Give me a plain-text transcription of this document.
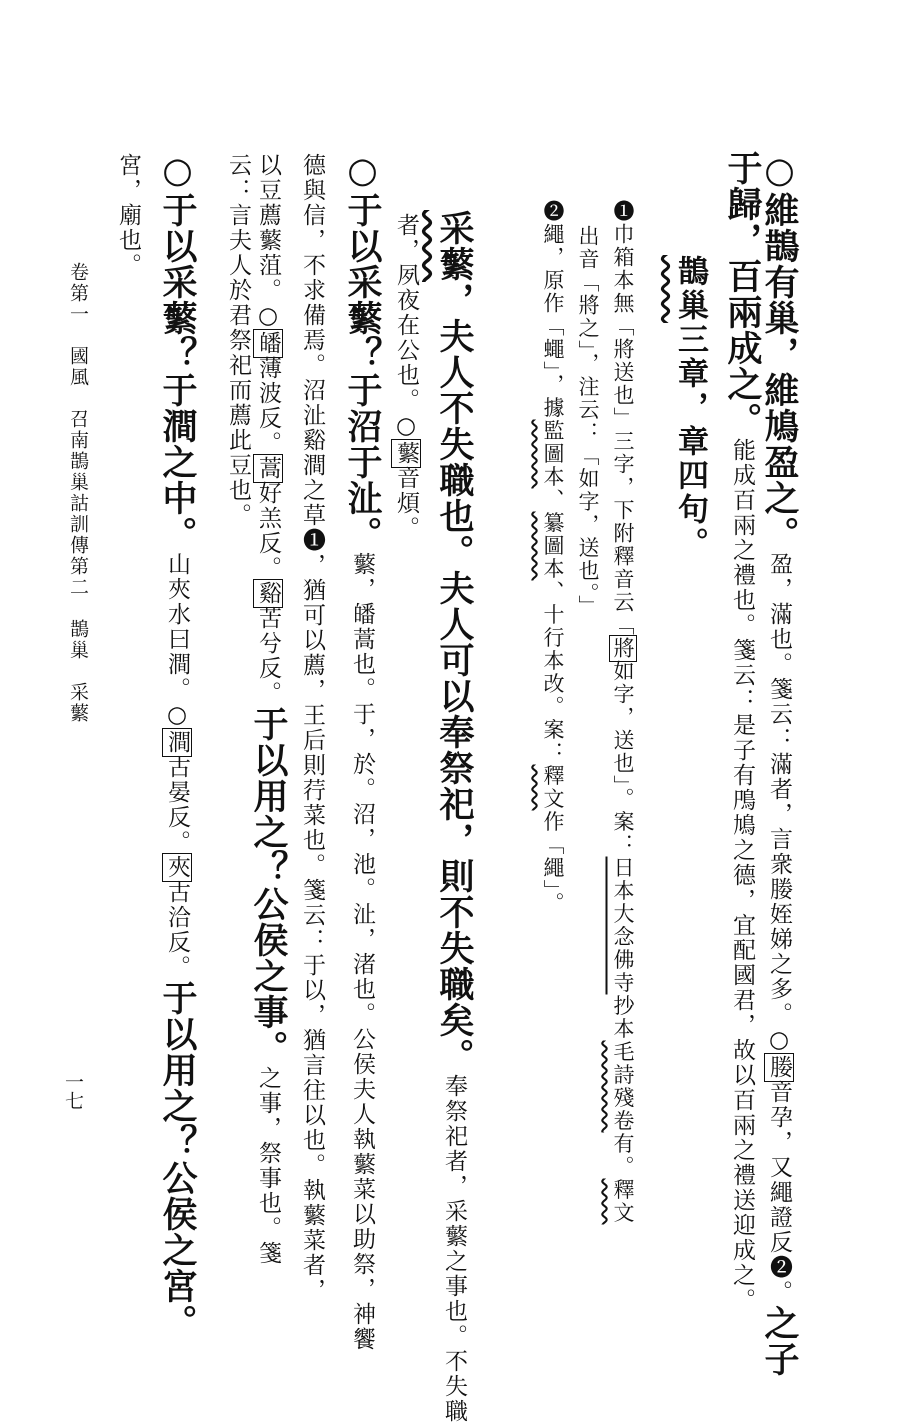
○維鵲有巢，維鳩盈之。盈，滿也。箋云：滿者，言衆媵姪娣之多。○媵音孕，又繩證反❷。之子
于歸，百兩成之。能成百兩之禮也。箋云：是子有鳲鳩之德，宜配國君，故以百兩之禮送迎成之。
鵲巢三章，章四句。
❶巾箱本無「將送也」三字，下附釋音云「將如字，送也」。案：日本大念佛寺抄本毛詩殘卷有。釋文
出音「將之」，注云：「如字，送也。」
❷繩，原作「蠅」，據監圖本、纂圖本、十行本改。案：釋文作「繩」。
采蘩，夫人不失職也。夫人可以奉祭祀，則不失職矣。奉祭祀者，采蘩之事也。不失職
者，夙夜在公也。○蘩音煩。
○于以采蘩？于沼于沚。蘩，皤蒿也。于，於。沼，池。沚，渚也。公侯夫人執蘩菜以助祭，神饗
德與信，不求備焉。沼沚谿澗之草❶，猶可以薦，王后則荇菜也。箋云：于以，猶言往以也。執蘩菜者，
以豆薦蘩菹。○皤薄波反。蒿好羔反。谿苦兮反。于以用之？公侯之事。之事，祭事也。箋
云：言夫人於君祭祀而薦此豆也。
○于以采蘩？于澗之中。山夾水曰澗。○澗古晏反。夾古洽反。于以用之？公侯之宮。
宮，廟也。
卷第一　國風　召南鵲巢詁訓傳第二　鵲巢　采蘩
一七
